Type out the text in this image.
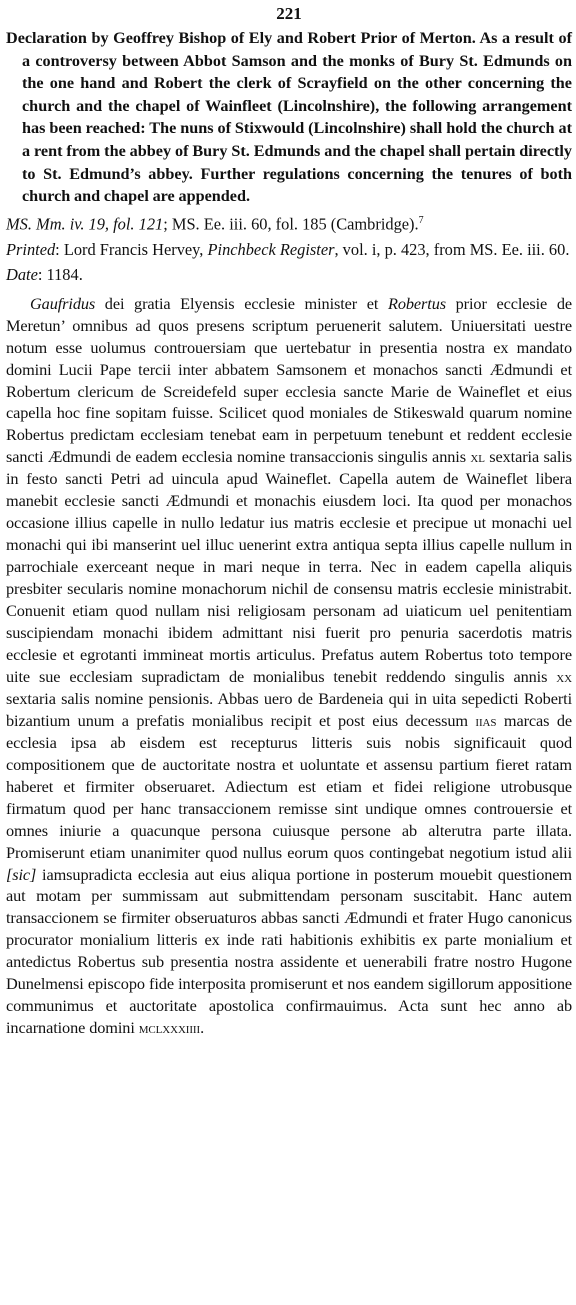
221

Declaration by Geoffrey Bishop of Ely and Robert Prior of Merton. As a result of a controversy between Abbot Samson and the monks of Bury St. Edmunds on the one hand and Robert the clerk of Scrayfield on the other concerning the church and the chapel of Wainfleet (Lincolnshire), the following arrangement has been reached: The nuns of Stixwould (Lincolnshire) shall hold the church at a rent from the abbey of Bury St. Edmunds and the chapel shall pertain directly to St. Edmund’s abbey. Further regulations concerning the tenures of both church and chapel are appended.

MS. Mm. iv. 19, fol. 121; MS. Ee. iii. 60, fol. 185 (Cambridge).$^7$

Printed: Lord Francis Hervey, Pinchbeck Register, vol. i, p. 423, from MS. Ee. iii. 60.

Date: 1184.

Gaufridus dei gratia Elyensis ecclesie minister et Robertus prior ecclesie de Meretun’ omnibus ad quos presens scriptum peruenerit salutem. Uniuersitati uestre notum esse uolumus controuersiam que uertebatur in presentia nostra ex mandato domini Lucii Pape tercii inter abbatem Samsonem et monachos sancti Ædmundi et Robertum clericum de Screidefeld super ecclesia sancte Marie de Waineflet et eius capella hoc fine sopitam fuisse. Scilicet quod moniales de Stikeswald quarum nomine Robertus predictam ecclesiam tenebat eam in perpetuum tenebunt et reddent ecclesie sancti Ædmundi de eadem ecclesia nomine transaccionis singulis annis xl sextaria salis in festo sancti Petri ad uincula apud Waineflet. Capella autem de Waineflet libera manebit ecclesie sancti Ædmundi et monachis eiusdem loci. Ita quod per monachos occasione illius capelle in nullo ledatur ius matris ecclesie et precipue ut monachi uel monachi qui ibi manserint uel illuc uenerint extra antiqua septa illius capelle nullum in parrochiale exerceant neque in mari neque in terra. Nec in eadem capella aliquis presbiter secularis nomine monachorum nichil de consensu matris ecclesie ministrabit. Conuenit etiam quod nullam nisi religiosam personam ad uiaticum uel penitentiam suscipiendam monachi ibidem admittant nisi fuerit pro penuria sacerdotis matris ecclesie et egrotanti immineat mortis articulus. Prefatus autem Robertus toto tempore uite sue ecclesiam supradictam de monialibus tenebit reddendo singulis annis xx sextaria salis nomine pensionis. Abbas uero de Bardeneia qui in uita sepedicti Roberti bizantium unum a prefatis monialibus recipit et post eius decessum iias marcas de ecclesia ipsa ab eisdem est recepturus litteris suis nobis significauit quod compositionem que de auctoritate nostra et uoluntate et assensu partium fieret ratam haberet et firmiter obseruaret. Adiectum est etiam et fidei religione utrobusque firmatum quod per hanc transaccionem remisse sint undique omnes controuersie et omnes iniurie a quacunque persona cuiusque persone ab alterutra parte illata. Promiserunt etiam unanimiter quod nullus eorum quos contingebat negotium istud alii [sic] iamsupradicta ecclesia aut eius aliqua portione in posterum mouebit questionem aut motam per summissam aut submittendam personam suscitabit. Hanc autem transaccionem se firmiter obseruaturos abbas sancti Ædmundi et frater Hugo canonicus procurator monialium litteris ex inde rati habitionis exhibitis ex parte monialium et antedictus Robertus sub presentia nostra assidente et uenerabili fratre nostro Hugone Dunelmensi episcopo fide interposita promiserunt et nos eandem sigillorum appositione communimus et auctoritate apostolica confirmauimus. Acta sunt hec anno ab incarnatione domini mclxxxiiii.
